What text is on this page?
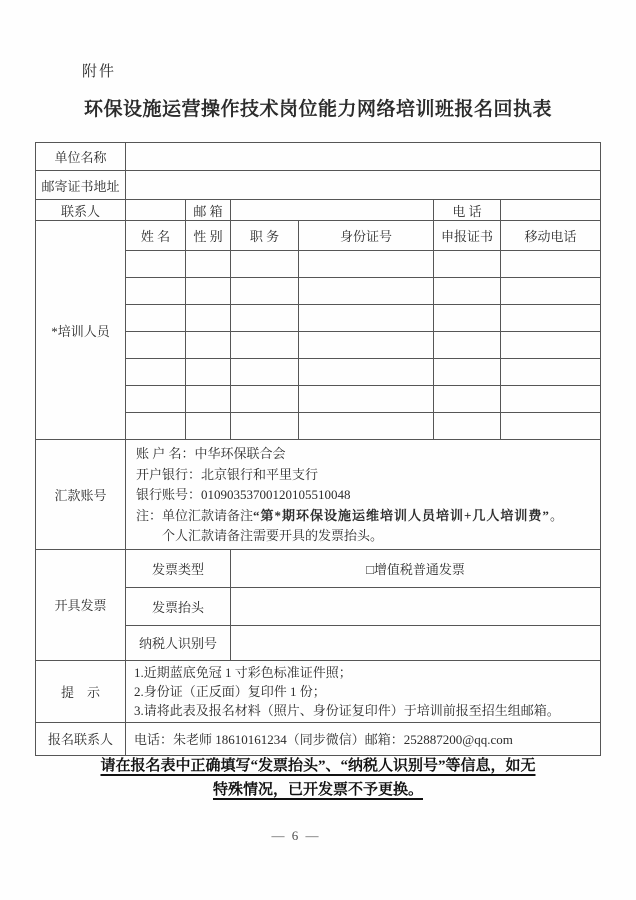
附件
环保设施运营操作技术岗位能力网络培训班报名回执表
单位名称						
邮寄证书地址						
联系人		邮 箱			电 话	
*培训人员	姓 名	性 别	职 务	身份证号	申报证书	移动电话

汇款账号	账 户 名：中华环保联合会
开户银行：北京银行和平里支行
银行账号：01090353700120105510048
注：单位汇款请备注“第*期环保设施运维培训人员培训+几人培训费”。
个人汇款请备注需要开具的发票抬头。					

开具发票	发票类型		□增值税普通发票			
	发票抬头					
	纳税人识别号					
提　示	1.近期蓝底免冠 1 寸彩色标准证件照；
2.身份证（正反面）复印件 1 份；
3.请将此表及报名材料（照片、身份证复印件）于培训前报至招生组邮箱。					

报名联系人	电话：朱老师 18610161234（同步微信）邮箱：252887200@qq.com					
请在报名表中正确填写“发票抬头”、“纳税人识别号”等信息，如无
特殊情况，已开发票不予更换。
— 6 —
